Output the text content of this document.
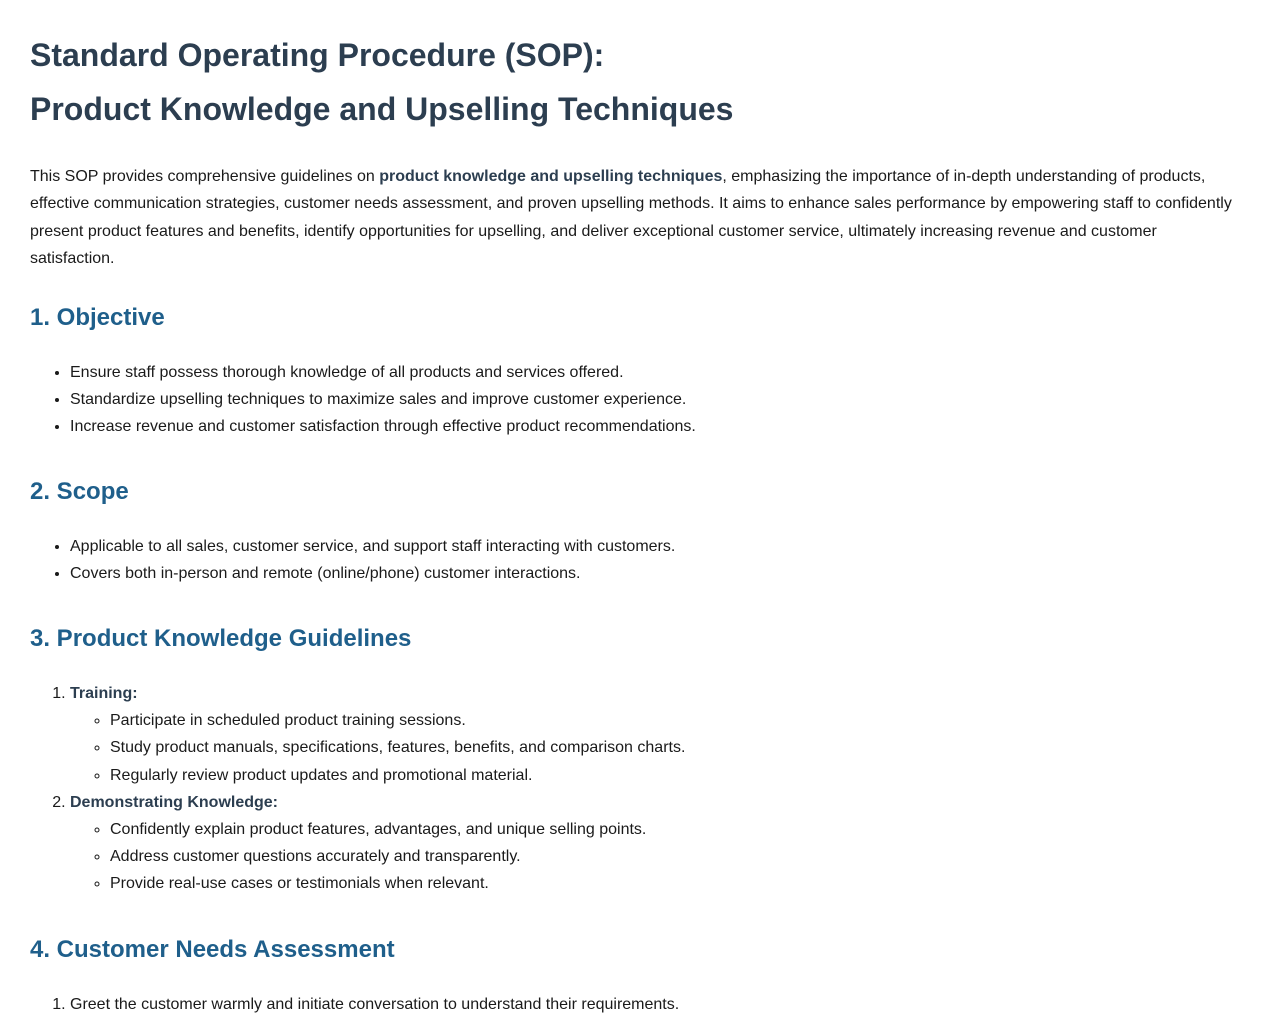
Standard Operating Procedure (SOP):
Product Knowledge and Upselling Techniques

This SOP provides comprehensive guidelines on product knowledge and upselling techniques, emphasizing the importance of in-depth understanding of products, effective communication strategies, customer needs assessment, and proven upselling methods. It aims to enhance sales performance by empowering staff to confidently present product features and benefits, identify opportunities for upselling, and deliver exceptional customer service, ultimately increasing revenue and customer satisfaction.

1. Objective
• Ensure staff possess thorough knowledge of all products and services offered.
• Standardize upselling techniques to maximize sales and improve customer experience.
• Increase revenue and customer satisfaction through effective product recommendations.
2. Scope
• Applicable to all sales, customer service, and support staff interacting with customers.
• Covers both in-person and remote (online/phone) customer interactions.
3. Product Knowledge Guidelines
1. Training:
◦ Participate in scheduled product training sessions.
◦ Study product manuals, specifications, features, benefits, and comparison charts.
◦ Regularly review product updates and promotional material.
2. Demonstrating Knowledge:
◦ Confidently explain product features, advantages, and unique selling points.
◦ Address customer questions accurately and transparently.
◦ Provide real-use cases or testimonials when relevant.
4. Customer Needs Assessment
1. Greet the customer warmly and initiate conversation to understand their requirements.
